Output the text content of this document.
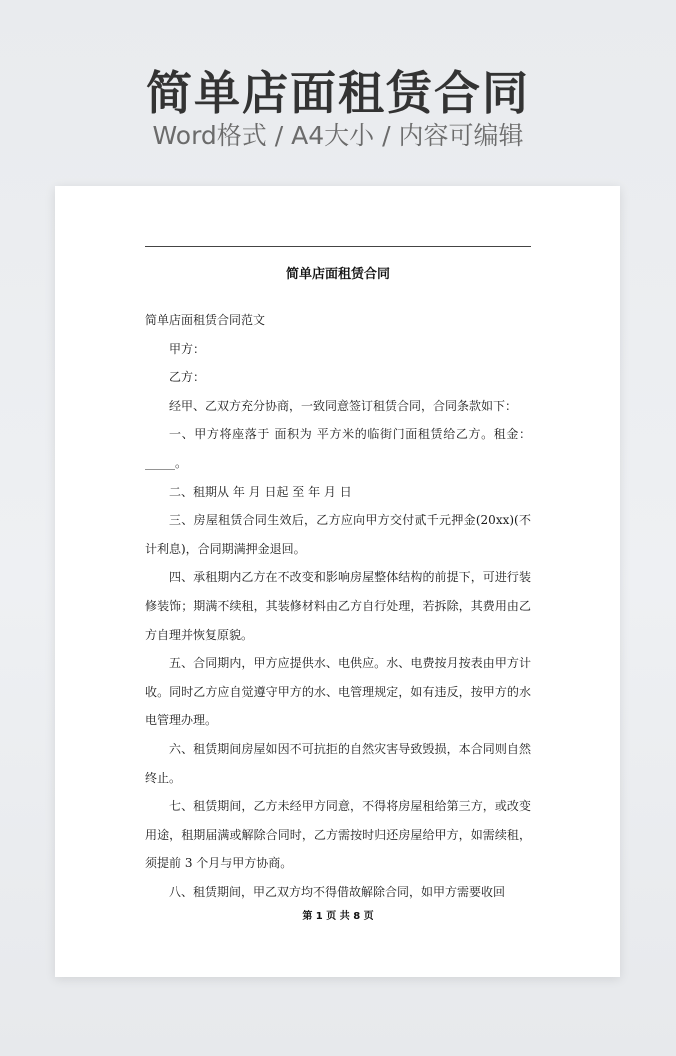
简单店面租赁合同
Word格式 / A4大小 / 内容可编辑
简单店面租赁合同

简单店面租赁合同范文

甲方：

乙方：

经甲、乙双方充分协商，一致同意签订租赁合同，合同条款如下：

一、甲方将座落于 面积为 平方米的临街门面租赁给乙方。租金：_____。

二、租期从 年 月 日起 至 年 月 日

三、房屋租赁合同生效后，乙方应向甲方交付贰千元押金(20xx)(不计利息)，合同期满押金退回。

四、承租期内乙方在不改变和影响房屋整体结构的前提下，可进行装修装饰；期满不续租，其装修材料由乙方自行处理，若拆除，其费用由乙方自理并恢复原貌。

五、合同期内，甲方应提供水、电供应。水、电费按月按表由甲方计收。同时乙方应自觉遵守甲方的水、电管理规定，如有违反，按甲方的水电管理办理。

六、租赁期间房屋如因不可抗拒的自然灾害导致毁损，本合同则自然终止。

七、租赁期间，乙方未经甲方同意，不得将房屋租给第三方，或改变用途，租期届满或解除合同时，乙方需按时归还房屋给甲方，如需续租，须提前 3 个月与甲方协商。

八、租赁期间，甲乙双方均不得借故解除合同，如甲方需要收回

第 1 页 共 8 页
